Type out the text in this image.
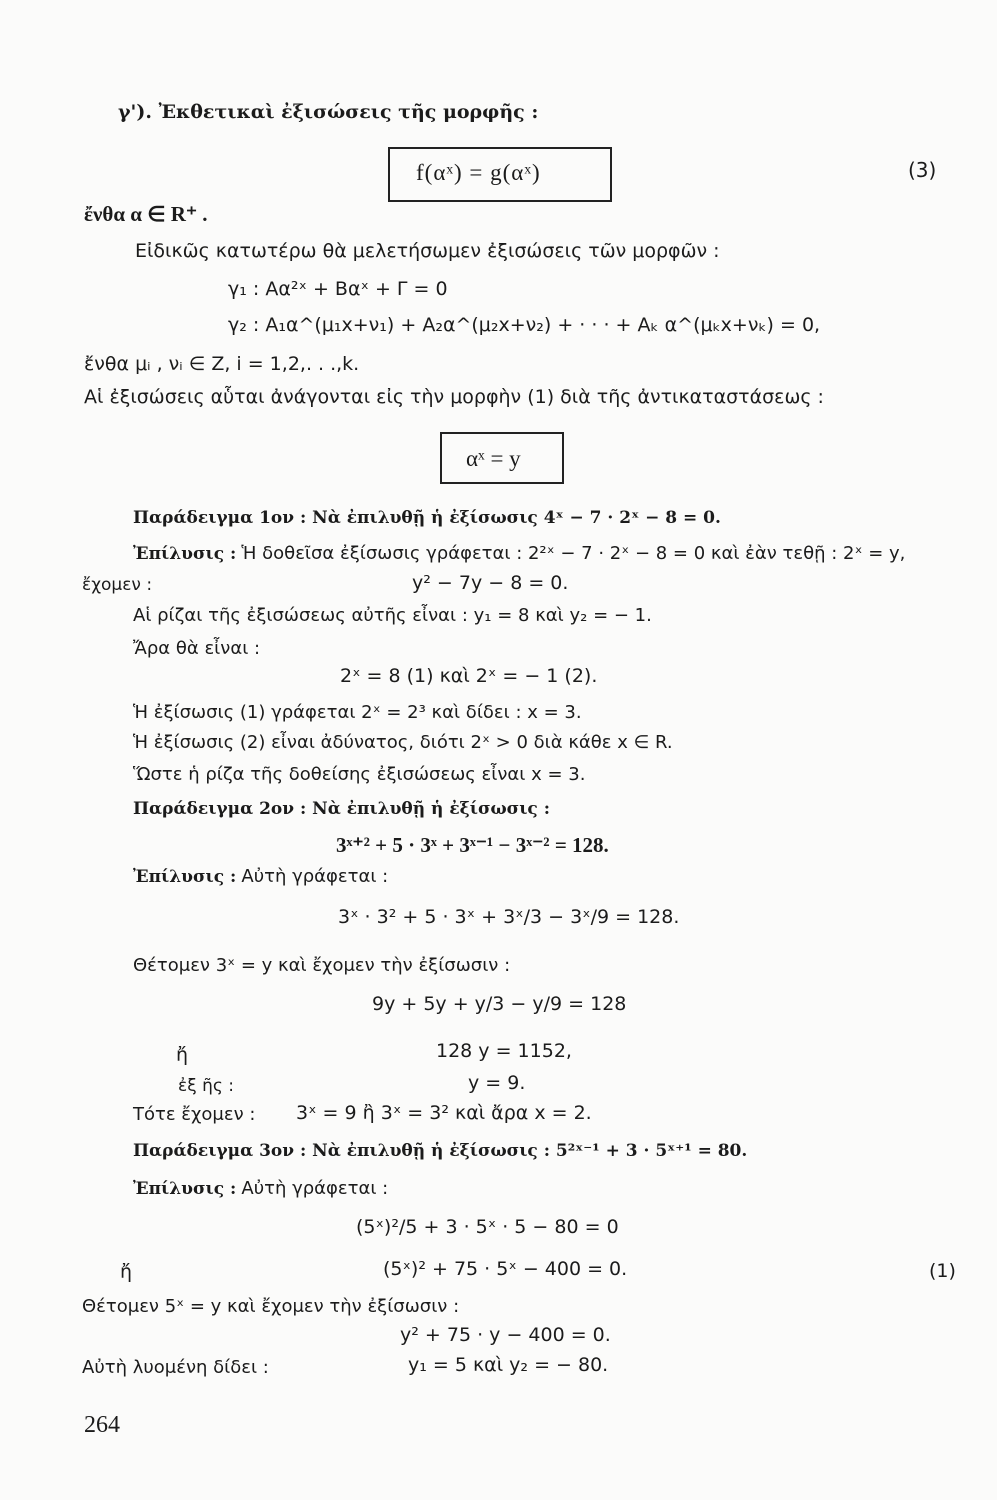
γ'). Ἐκθετικαὶ ἐξισώσεις τῆς μορφῆς :
f(αˣ) = g(αˣ)	(3)
ἔνθα α ∈ R⁺ .
Εἰδικῶς κατωτέρω θὰ μελετήσωμεν ἐξισώσεις τῶν μορφῶν :
γ₁ : Αα²ˣ + Βαˣ + Γ = 0
γ₂ : Α₁α^(μ₁x+ν₁) + Α₂α^(μ₂x+ν₂) + · · · + Αₖ α^(μₖx+νₖ) = 0,
ἔνθα μᵢ , νᵢ ∈ Z, i = 1,2,. . .,k.
Αἱ ἐξισώσεις αὗται ἀνάγονται εἰς τὴν μορφὴν (1) διὰ τῆς ἀντικαταστάσεως :
αˣ = y
Παράδειγμα 1ον : Νὰ ἐπιλυθῇ ἡ ἐξίσωσις 4ˣ − 7 · 2ˣ − 8 = 0.
Ἐπίλυσις : Ἡ δοθεῖσα ἐξίσωσις γράφεται : 2²ˣ − 7 · 2ˣ − 8 = 0 καὶ ἐὰν τεθῇ : 2ˣ = y,
ἔχομεν :	y² − 7y − 8 = 0.
Αἱ ρίζαι τῆς ἐξισώσεως αὐτῆς εἶναι : y₁ = 8 καὶ y₂ = − 1.
Ἄρα θὰ εἶναι :
2ˣ = 8 (1) καὶ 2ˣ = − 1 (2).
Ἡ ἐξίσωσις (1) γράφεται 2ˣ = 2³ καὶ δίδει : x = 3.
Ἡ ἐξίσωσις (2) εἶναι ἀδύνατος, διότι 2ˣ > 0 διὰ κάθε x ∈ R.
Ὥστε ἡ ρίζα τῆς δοθείσης ἐξισώσεως εἶναι x = 3.
Παράδειγμα 2ον : Νὰ ἐπιλυθῇ ἡ ἐξίσωσις :
3ˣ⁺² + 5 · 3ˣ + 3ˣ⁻¹ − 3ˣ⁻² = 128.
Ἐπίλυσις : Αὐτὴ γράφεται :
3ˣ · 3² + 5 · 3ˣ + 3ˣ/3 − 3ˣ/9 = 128.
Θέτομεν 3ˣ = y καὶ ἔχομεν τὴν ἐξίσωσιν :
9y + 5y + y/3 − y/9 = 128
ἤ	128 y = 1152,
ἐξ ῆς :	y = 9.
Τότε ἔχομεν : 3ˣ = 9 ἢ 3ˣ = 3² καὶ ἄρα x = 2.
Παράδειγμα 3ον : Νὰ ἐπιλυθῇ ἡ ἐξίσωσις : 5²ˣ⁻¹ + 3 · 5ˣ⁺¹ = 80.
Ἐπίλυσις : Αὐτὴ γράφεται :
(5ˣ)²/5 + 3 · 5ˣ · 5 − 80 = 0
ἤ	(5ˣ)² + 75 · 5ˣ − 400 = 0.	(1)
Θέτομεν 5ˣ = y καὶ ἔχομεν τὴν ἐξίσωσιν :
y² + 75 · y − 400 = 0.
Αὐτὴ λυομένη δίδει :	y₁ = 5 καὶ y₂ = − 80.
264
